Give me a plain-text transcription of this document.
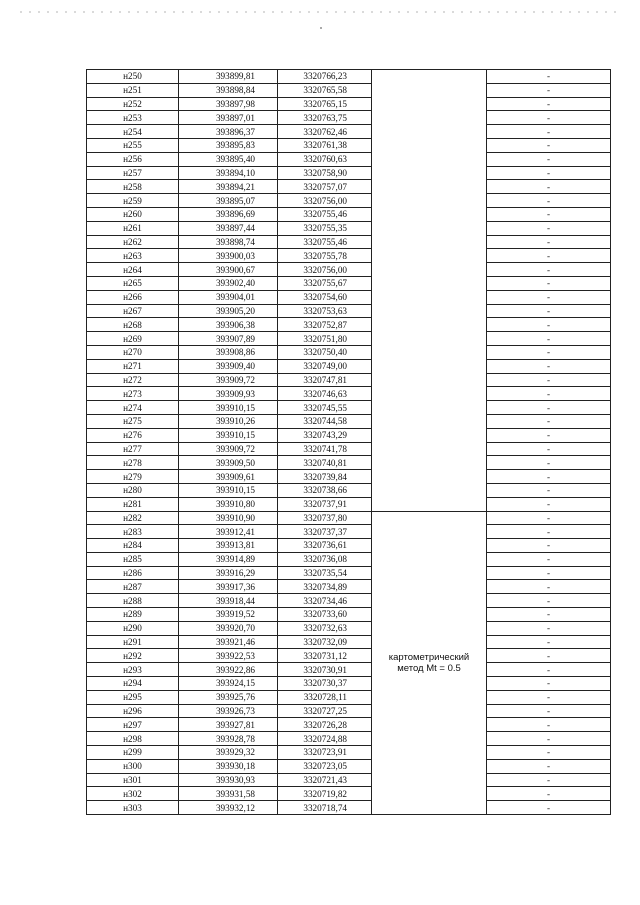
н250	393899,81	3320766,23		-
н251	393898,84	3320765,58		-
н252	393897,98	3320765,15		-
н253	393897,01	3320763,75		-
н254	393896,37	3320762,46		-
н255	393895,83	3320761,38		-
н256	393895,40	3320760,63		-
н257	393894,10	3320758,90		-
н258	393894,21	3320757,07		-
н259	393895,07	3320756,00		-
н260	393896,69	3320755,46		-
н261	393897,44	3320755,35		-
н262	393898,74	3320755,46		-
н263	393900,03	3320755,78		-
н264	393900,67	3320756,00		-
н265	393902,40	3320755,67		-
н266	393904,01	3320754,60		-
н267	393905,20	3320753,63		-
н268	393906,38	3320752,87		-
н269	393907,89	3320751,80		-
н270	393908,86	3320750,40		-
н271	393909,40	3320749,00		-
н272	393909,72	3320747,81		-
н273	393909,93	3320746,63		-
н274	393910,15	3320745,55		-
н275	393910,26	3320744,58		-
н276	393910,15	3320743,29		-
н277	393909,72	3320741,78		-
н278	393909,50	3320740,81		-
н279	393909,61	3320739,84		-
н280	393910,15	3320738,66		-
н281	393910,80	3320737,91		-
н282	393910,90	3320737,80	картометрический
метод Mt = 0.5	-
н283	393912,41	3320737,37		-
н284	393913,81	3320736,61		-
н285	393914,89	3320736,08		-
н286	393916,29	3320735,54		-
н287	393917,36	3320734,89		-
н288	393918,44	3320734,46		-
н289	393919,52	3320733,60		-
н290	393920,70	3320732,63		-
н291	393921,46	3320732,09		-
н292	393922,53	3320731,12		-
н293	393922,86	3320730,91		-
н294	393924,15	3320730,37		-
н295	393925,76	3320728,11		-
н296	393926,73	3320727,25		-
н297	393927,81	3320726,28		-
н298	393928,78	3320724,88		-
н299	393929,32	3320723,91		-
н300	393930,18	3320723,05		-
н301	393930,93	3320721,43		-
н302	393931,58	3320719,82		-
н303	393932,12	3320718,74		-
